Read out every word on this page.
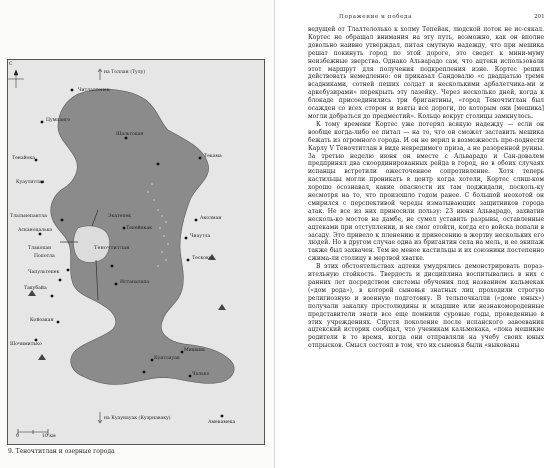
С
на Толлан (Тулу)
Читлалтепек
Цумпанго
Шальтокан
Тенайока
Куаутитлан
Текама
Тлальнепантла	Экатепек	Аколман
Асканоцалько
Чиаутла
Тепейякак
Тескоко
Тлакопан
Попотла
Теночтитлан
Чапультепек
Такубайа
Истапалапа
Койоакан
Шочимилько
Куитлауак
Мишкик
Чалько
на Куаунауак (Куэрнаваку)
Амекамека
0	10 км
9. Теночтитлан и озерные города
Поражение и победа	201

ведущей от Тлалтелолько к холму Тепейак, людской поток не ис-сякал. Кортес не обращал внимания на эту путь, возможно, как он вполне довольно наивно утверждал, питая смутную надежду, что при мешика решат покинуть город по этой дороге, это сведет к мини-муму неизбежные зверства. Однако Альварадо сам, что ацтеки использовали этот маршрут для получения подкрепления изне. Кортес решил действовать немедленно: он приказал Сандовалю «с двадцатью тремя всадниками, сотней пеших солдат и несколькими арбалетчика-ми и аркебузирами» перекрыть эту лазейку. Через несколько дней, когда к блокаде присоединились три бригантины, «город Теночтитлан был осажден со всех сторон и взяты все дороги, по которым они [мешика] могли добраться до предместий». Кольцо вокруг столицы замкнулось.

К тому времени Кортес уже потерял всякую надежду — если он вообще когда-либо ее питал — на то, что он сможет заставить мешика бежать из огромного города. И он не верил в возможность пре-поднести Карлу V Теночтитлан в виде невредимого приза, а не разоренной руины. За третью неделю июня он вместе с Альварадо и Сан-довалем предпринял два скоординированных рейда в город, но в обоих случаях испанцы встретили ожесточенное сопротивление. Хотя теперь кастильцы могли проникать в центр когда хотели, Кортес слиш-ком хорошо осознавал, какие опасности их там поджидали, посколь-ку несмотря на то, что произошло годом ранее. С большой неохотой он смирился с перспективой череды изматывающих защитников города атак. Не все из них приносили пользу: 23 июня Альварадо, захватив несколь-ко мостов на дамбе, не сумел уставить разрывы, оставленные ацтеками при отступлении, и не смог отойти, когда его войска попали в засаду. Это привело к пленению и принесению в жертву нескольких его людей. Но в другом случае одна из бригантин села на мель, и ее экипаж также был захвачен. Тем не менее кастильцы и их союзники постепенно сжима-ли столицу в мертвой хватке.

В этих обстоятельствах ацтеки умудрялись демонстрировать пораз-ительную стойкость. Твердость и дисциплина воспитывались в них с ранних лет посредством системы обучения под названием кальмекак («дом рода»), в которой сыновья знатных лиц проходили строгую религиозную и военную подготовку. В тельпочкалли («доме юных») получали закалку простолюдины и младшие или незнакомороденные представители знати все еще помнили суровые годы, проведенные в этих учреждениях. Спустя поколение после испанского завоевания ацтекский историк сообщал, что ученикам кальмекака, «пока мешикие родители в то время, когда они отправляли на учебу своих юных отпрысков. Смысл состоял в том, что их сыновья были «выкованы
